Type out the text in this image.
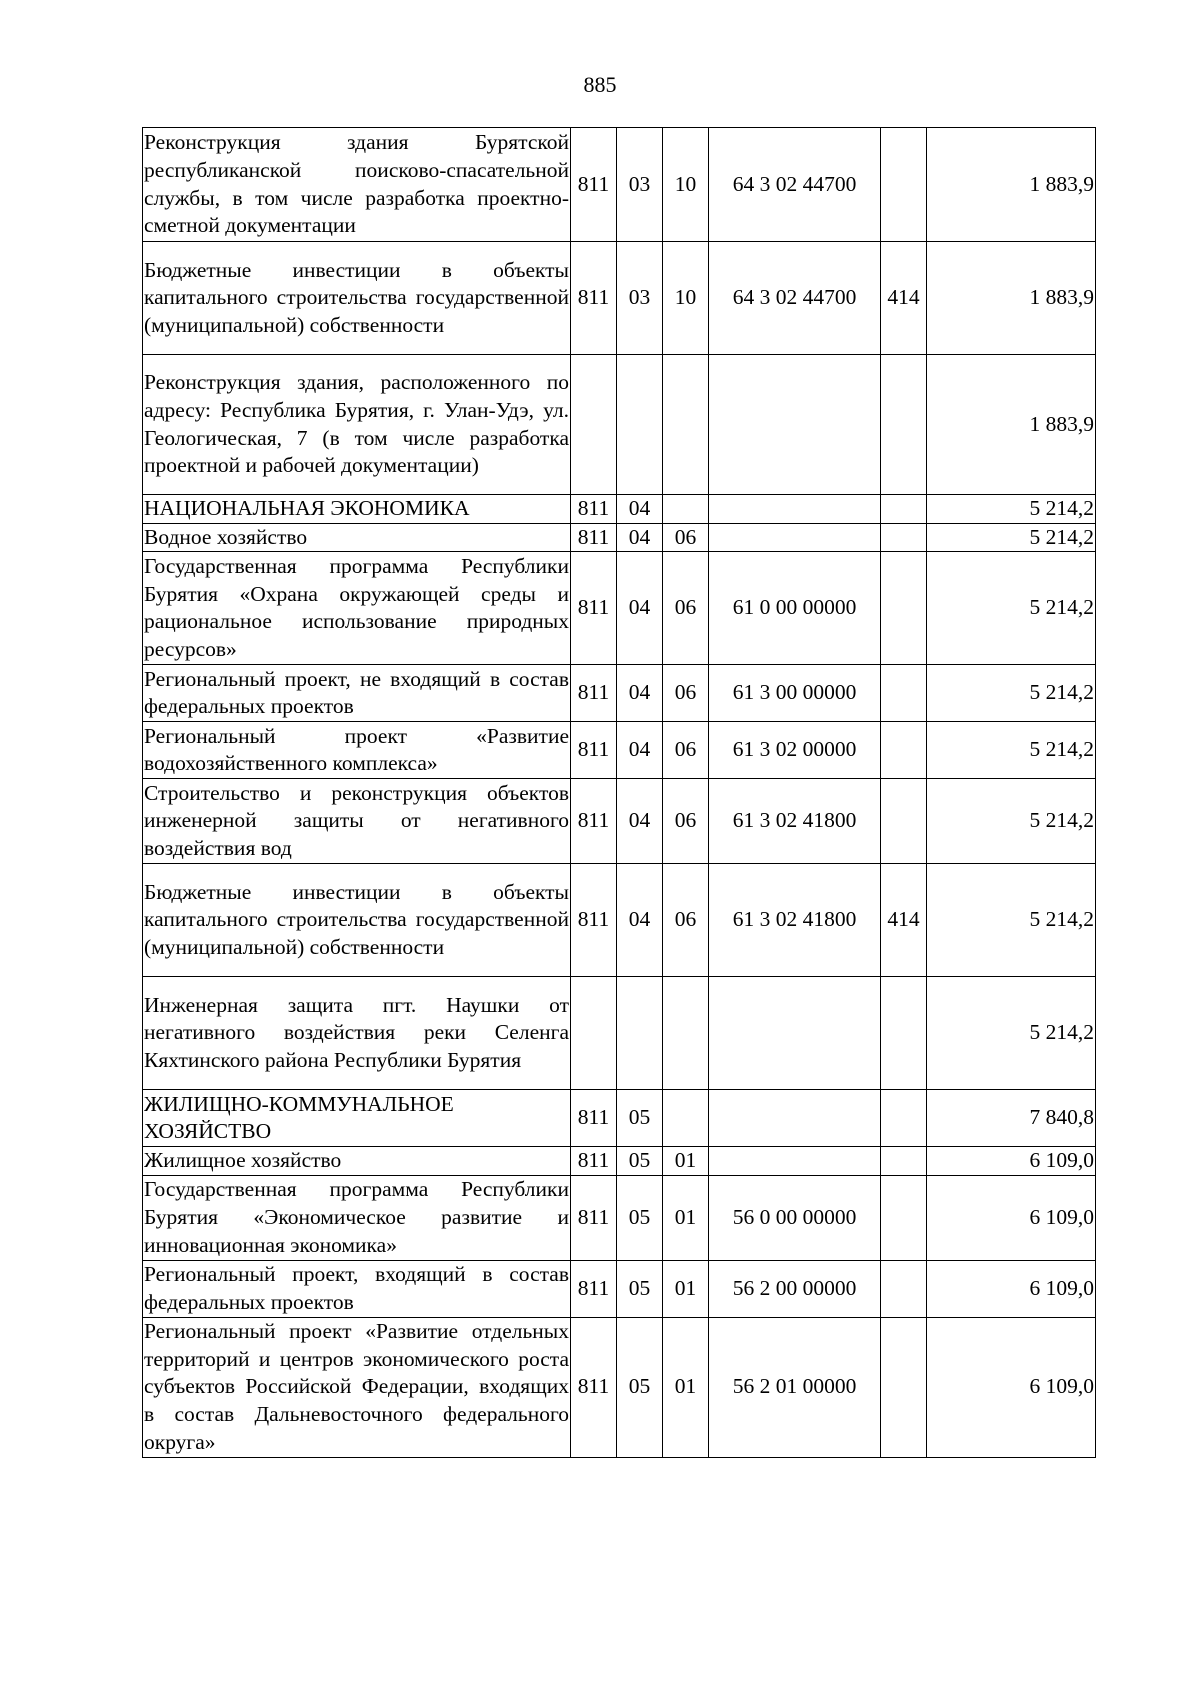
885
Реконструкция здания Бурятской республиканской поисково-спасательной службы, в том числе разработка проектно-сметной документации	811	03	10	64 3 02 44700		1 883,9
Бюджетные инвестиции в объекты капитального строительства государственной (муниципальной) собственности	811	03	10	64 3 02 44700	414	1 883,9
Реконструкция здания, расположенного по адресу: Республика Бурятия, г. Улан-Удэ, ул. Геологическая, 7 (в том числе разработка проектной и рабочей документации)						1 883,9
НАЦИОНАЛЬНАЯ ЭКОНОМИКА	811	04				5 214,2
Водное хозяйство	811	04	06			5 214,2
Государственная программа Республики Бурятия «Охрана окружающей среды и рациональное использование природных ресурсов»	811	04	06	61 0 00 00000		5 214,2
Региональный проект, не входящий в состав федеральных проектов	811	04	06	61 3 00 00000		5 214,2
Региональный проект «Развитие водохозяйственного комплекса»	811	04	06	61 3 02 00000		5 214,2
Строительство и реконструкция объектов инженерной защиты от негативного воздействия вод	811	04	06	61 3 02 41800		5 214,2
Бюджетные инвестиции в объекты капитального строительства государственной (муниципальной) собственности	811	04	06	61 3 02 41800	414	5 214,2
Инженерная защита пгт. Наушки от негативного воздействия реки Селенга Кяхтинского района Республики Бурятия						5 214,2
ЖИЛИЩНО-КОММУНАЛЬНОЕ ХОЗЯЙСТВО	811	05				7 840,8
Жилищное хозяйство	811	05	01			6 109,0
Государственная программа Республики Бурятия «Экономическое развитие и инновационная экономика»	811	05	01	56 0 00 00000		6 109,0
Региональный проект, входящий в состав федеральных проектов	811	05	01	56 2 00 00000		6 109,0
Региональный проект «Развитие отдельных территорий и центров экономического роста субъектов Российской Федерации, входящих в состав Дальневосточного федерального округа»	811	05	01	56 2 01 00000		6 109,0
